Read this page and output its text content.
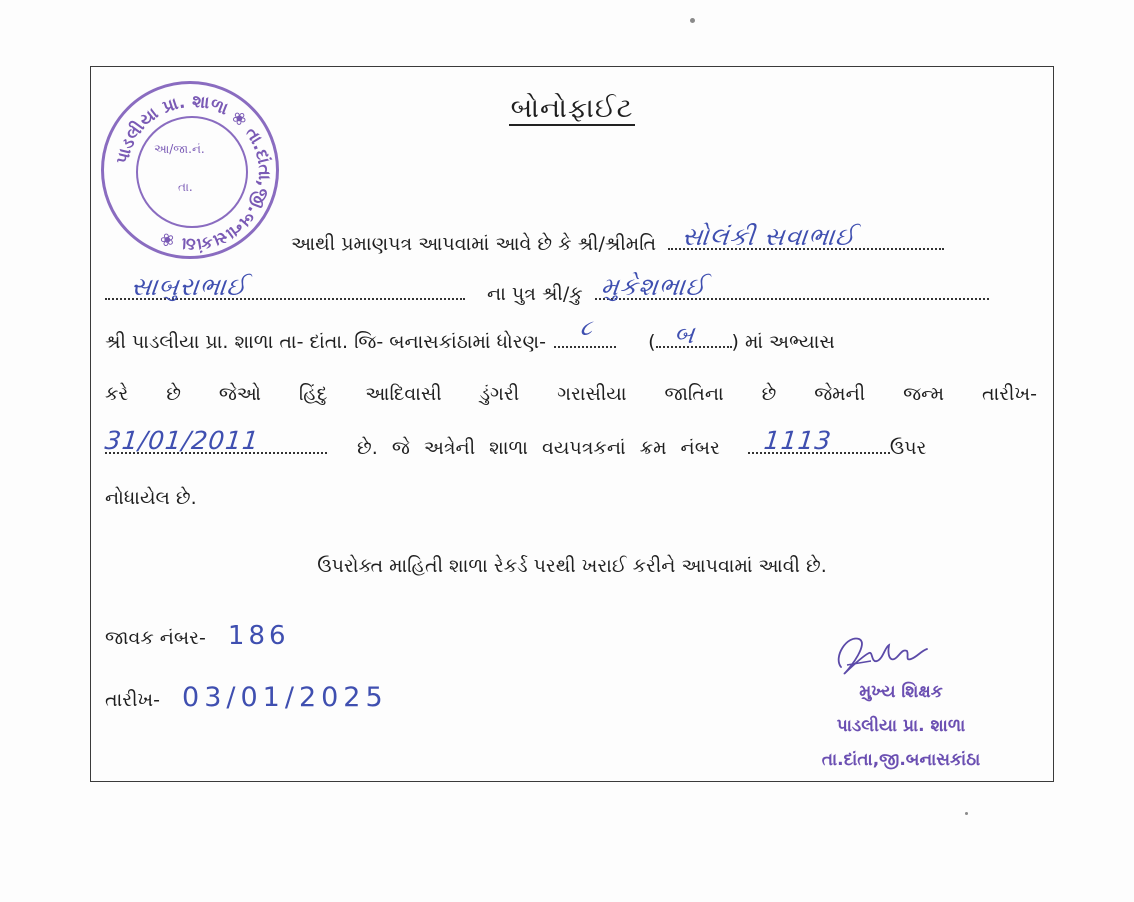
પાડલીયા પ્રા. શાળા ❀ તા.દાંતા,જી.બનાસકાંઠા ❀
આ/જા.નં.
તા.
બોનોફાઈટ
આથી પ્રમાણપત્ર આપવામાં આવે છે કે શ્રી/શ્રીમતિ સોલંકી સવાભાઈ
સાબુરાભાઈ	ના પુત્ર શ્રી/કુ મુકેશભાઈ
શ્રી પાડલીયા પ્રા. શાળા તા- દાંતા. જિ- બનાસકાંઠામાં ધોરણ-
૮
( બ ) માં અભ્યાસ
કરે છે જેઓ હિંદુ આદિવાસી ડુંગરી ગરાસીયા જાતિના છે જેમની જન્મ તારીખ-
31/01/2011	છે. જે અત્રેની શાળા વયપત્રકનાં ક્રમ નંબર 1113	ઉપર
નોધાયેલ છે.
ઉપરોક્ત માહિતી શાળા રેકર્ડ પરથી ખરાઈ કરીને આપવામાં આવી છે.
જાવક નંબર- 186
તારીખ- 03/01/2025	મુખ્ય શિક્ષક
પાડલીયા પ્રા. શાળા
તા.દાંતા,જી.બનાસકાંઠા
